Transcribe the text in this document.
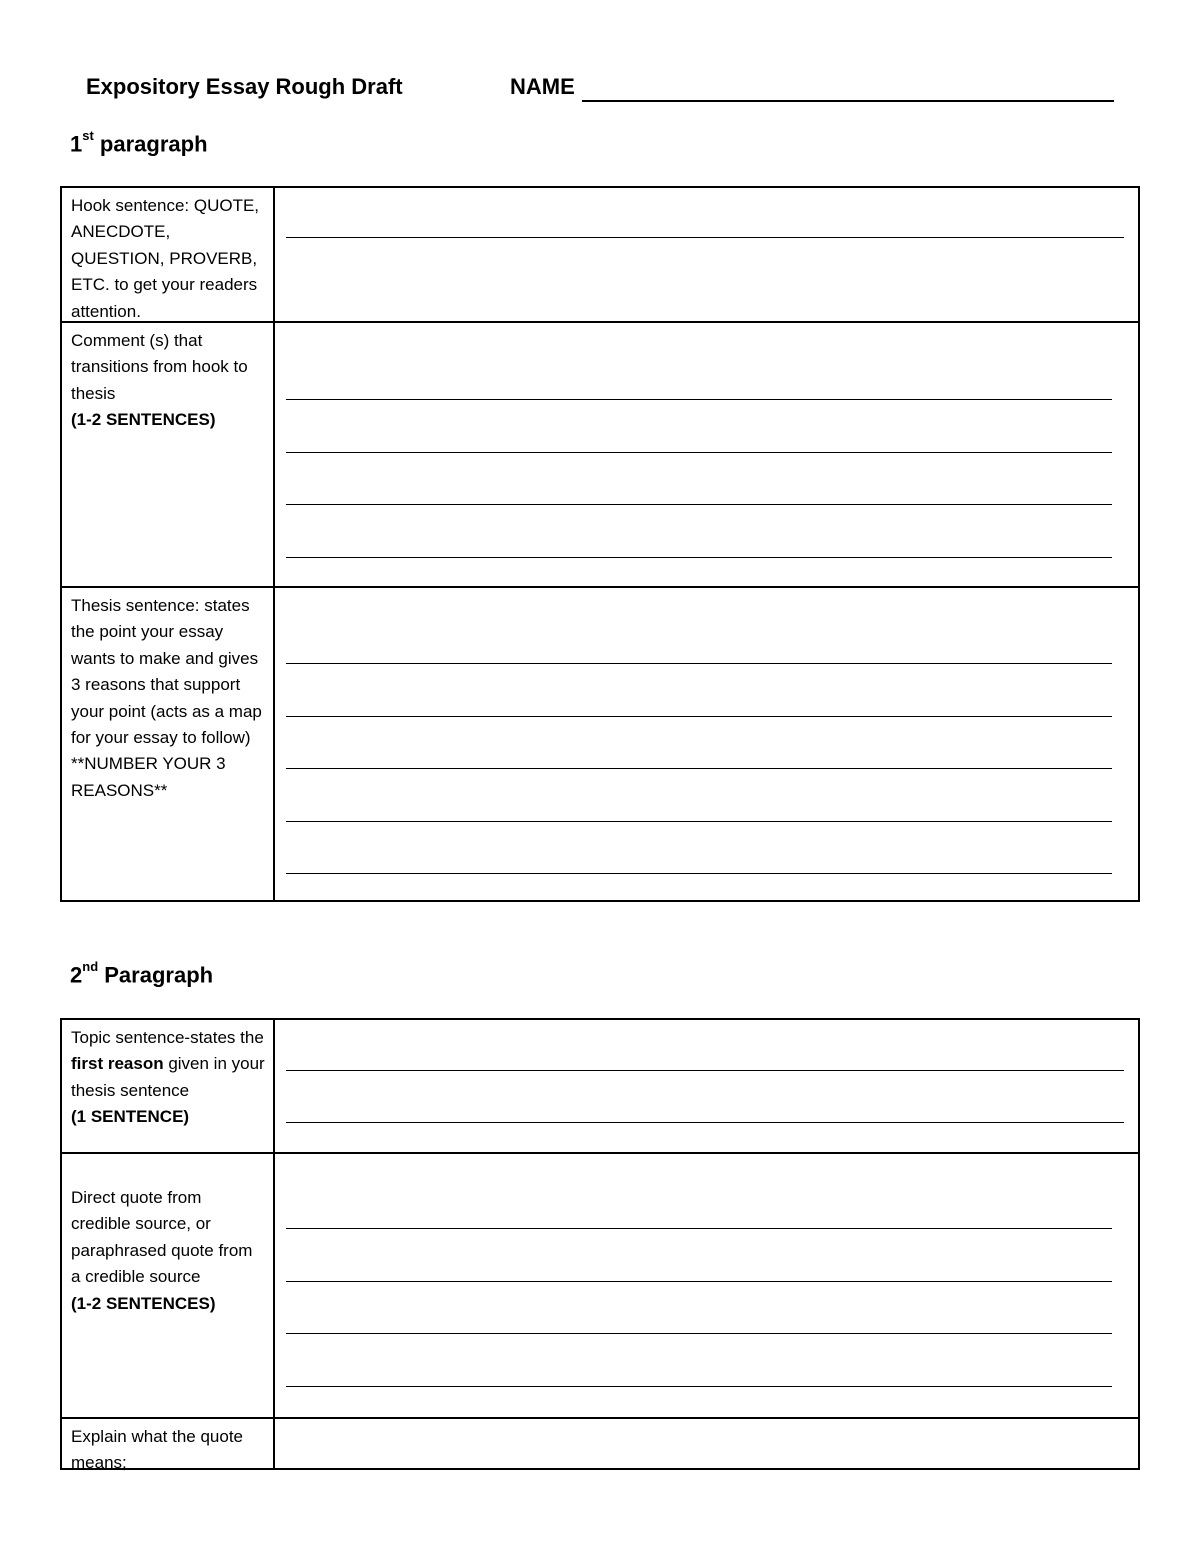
Expository Essay Rough Draft	NAME
1st paragraph
Hook sentence: QUOTE, ANECDOTE, QUESTION, PROVERB, ETC. to get your readers attention.
Comment (s) that transitions from hook to thesis
(1-2 SENTENCES)
Thesis sentence: states the point your essay wants to make and gives 3 reasons that support your point (acts as a map for your essay to follow) **NUMBER YOUR 3 REASONS**
2nd Paragraph
Topic sentence-states the first reason given in your thesis sentence
(1 SENTENCE)
Direct quote from credible source, or paraphrased quote from a credible source
(1-2 SENTENCES)
Explain what the quote means;
